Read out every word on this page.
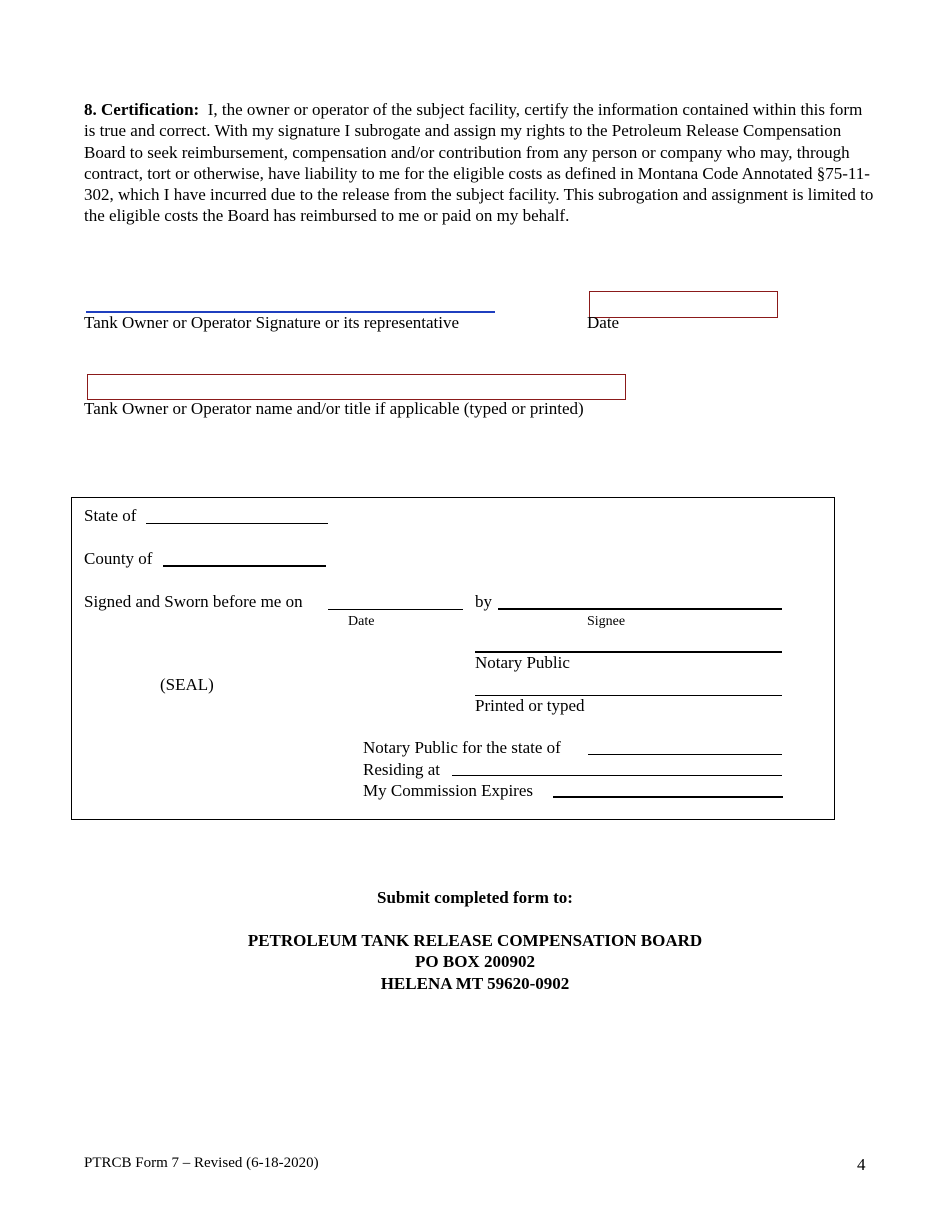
8. Certification: I, the owner or operator of the subject facility, certify the information contained within this form is true and correct. With my signature I subrogate and assign my rights to the Petroleum Release Compensation Board to seek reimbursement, compensation and/or contribution from any person or company who may, through contract, tort or otherwise, have liability to me for the eligible costs as defined in Montana Code Annotated §75-11-302, which I have incurred due to the release from the subject facility. This subrogation and assignment is limited to the eligible costs the Board has reimbursed to me or paid on my behalf.
Tank Owner or Operator Signature or its representative	Date
Tank Owner or Operator name and/or title if applicable (typed or printed)
State of
County of
Signed and Sworn before me on	by
Date	Signee
Notary Public
(SEAL)
Printed or typed
Notary Public for the state of
Residing at
My Commission Expires
Submit completed form to:
PETROLEUM TANK RELEASE COMPENSATION BOARD
PO BOX 200902
HELENA MT 59620-0902
PTRCB Form 7 – Revised (6-18-2020)	4
